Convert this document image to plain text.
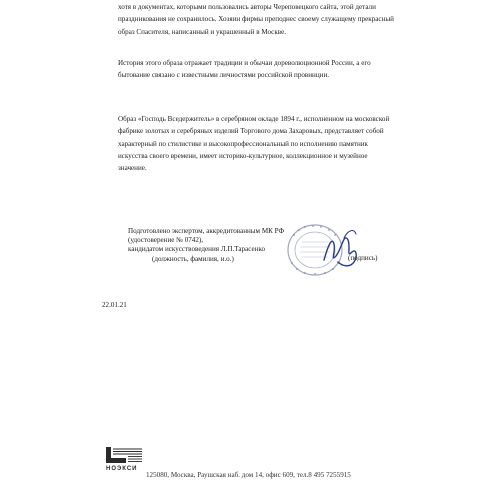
хотя в документах, которыми пользовались авторы Череповецкого сайта, этой детали
праздникования не сохранилось. Хозяин фирмы преподнес своему служащему прекрасный
образ Спасителя, написанный и украшенный в Москве.
История этого образа отражает традиции и обычаи дореволюционной России, а его
бытование связано с известными личностями российской провинции.
Образ «Господь Вседержитель» в серебряном окладе 1894 г., исполненном на московской
фабрике золотых и серебряных изделий Торгового дома Захаровых, представляет собой
характерный по стилистике и высокопрофессиональный по исполнению памятник
искусства своего времени, имеет историко-культурное, коллекционное и музейное
значение.
Подготовлено экспертом, аккредитованным МК РФ
(удостоверение № 0742),
кандидатом искусствоведения Л.П.Тарасенко
(должность, фамилия, и.о.)	(подпись)
22.01.21
НОЭКСИ
125080, Москва, Раушская наб. дом 14, офис 609, тел.8 495 7255915
